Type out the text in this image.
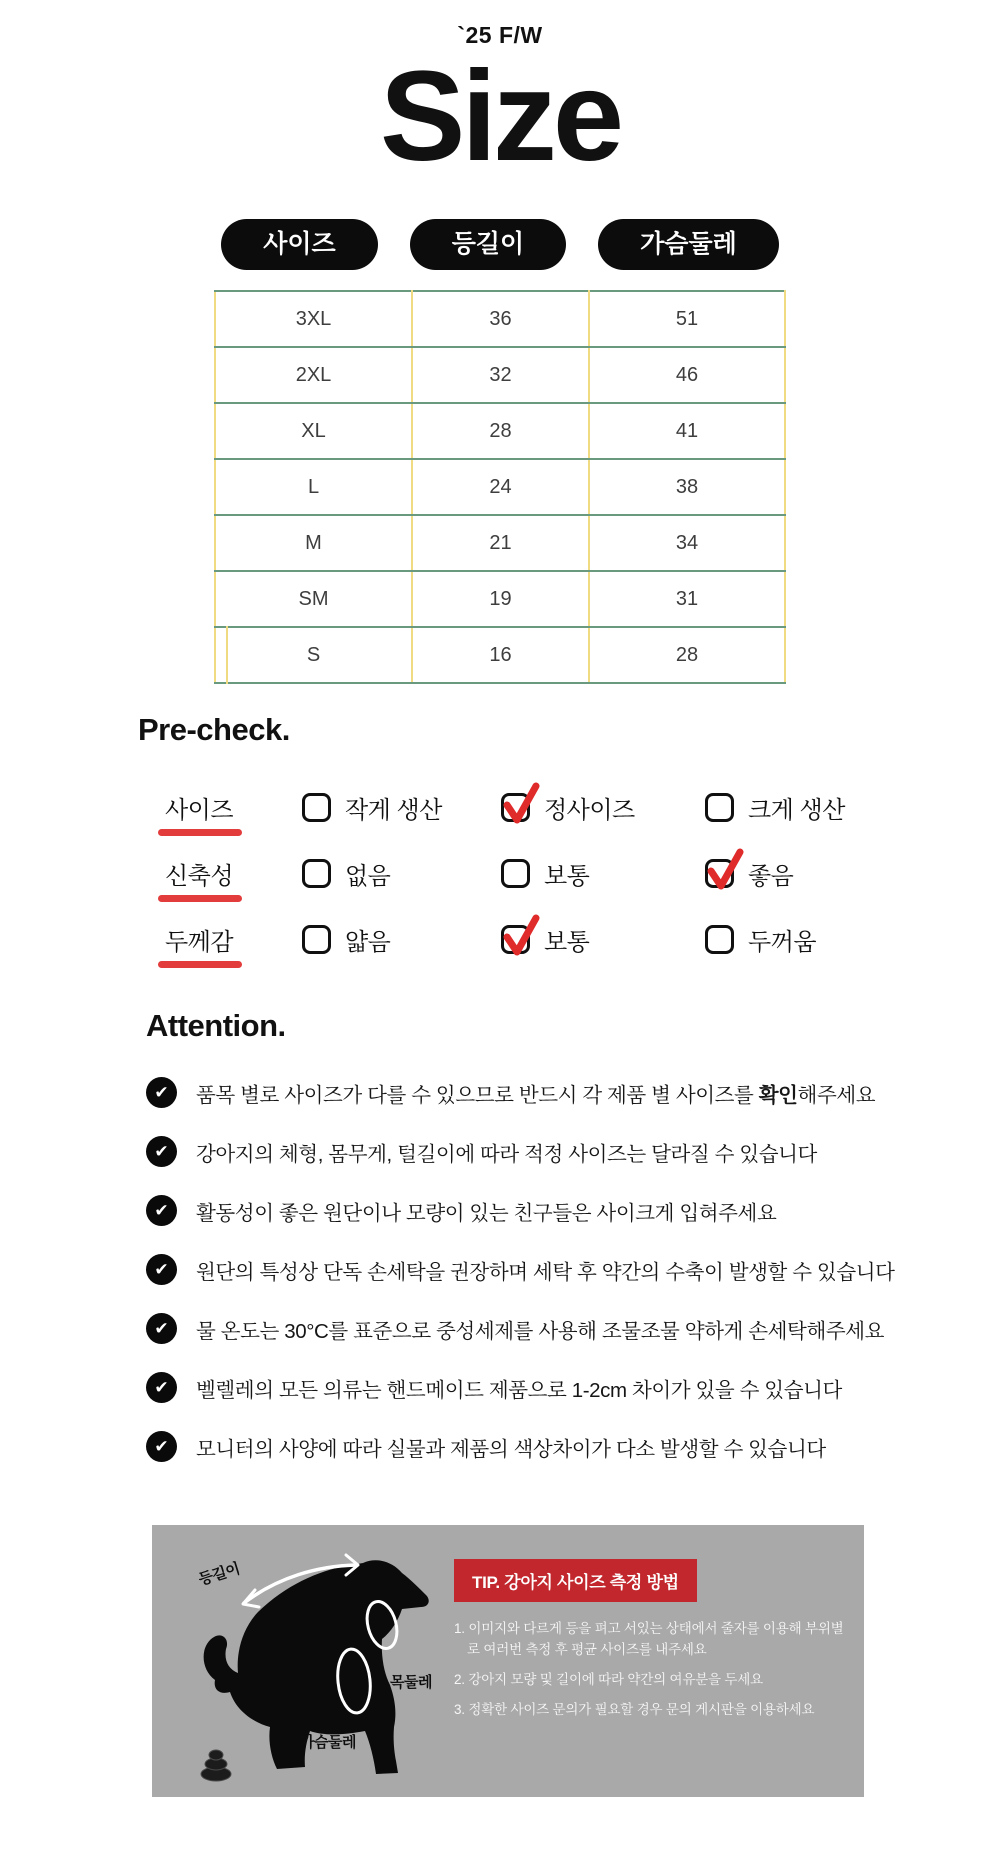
`25 F/W
Size
사이즈	등길이	가슴둘레
3XL	36	51
2XL	32	46
XL	28	41
L	24	38
M	21	34
SM	19	31
S	16	28
Pre-check.
사이즈	작게 생산	정사이즈	크게 생산
신축성	없음	보통	좋음
두께감	얇음	보통	두꺼움
Attention.
✔	품목 별로 사이즈가 다를 수 있으므로 반드시 각 제품 별 사이즈를 확인해주세요
✔	강아지의 체형, 몸무게, 털길이에 따라 적정 사이즈는 달라질 수 있습니다
✔	활동성이 좋은 원단이나 모량이 있는 친구들은 사이크게 입혀주세요
✔	원단의 특성상 단독 손세탁을 권장하며 세탁 후 약간의 수축이 발생할 수 있습니다
✔	물 온도는 30°C를 표준으로 중성세제를 사용해 조물조물 약하게 손세탁해주세요
✔	벨렐레의 모든 의류는 핸드메이드 제품으로 1-2cm 차이가 있을 수 있습니다
✔	모니터의 사양에 따라 실물과 제품의 색상차이가 다소 발생할 수 있습니다
등길이
목둘레
가슴둘레
TIP. 강아지 사이즈 측정 방법
1. 이미지와 다르게 등을 펴고 서있는 상태에서 줄자를 이용해 부위별로 여러번 측정 후 평균 사이즈를 내주세요
2. 강아지 모량 및 길이에 따라 약간의 여유분을 두세요
3. 정확한 사이즈 문의가 필요할 경우 문의 게시판을 이용하세요
